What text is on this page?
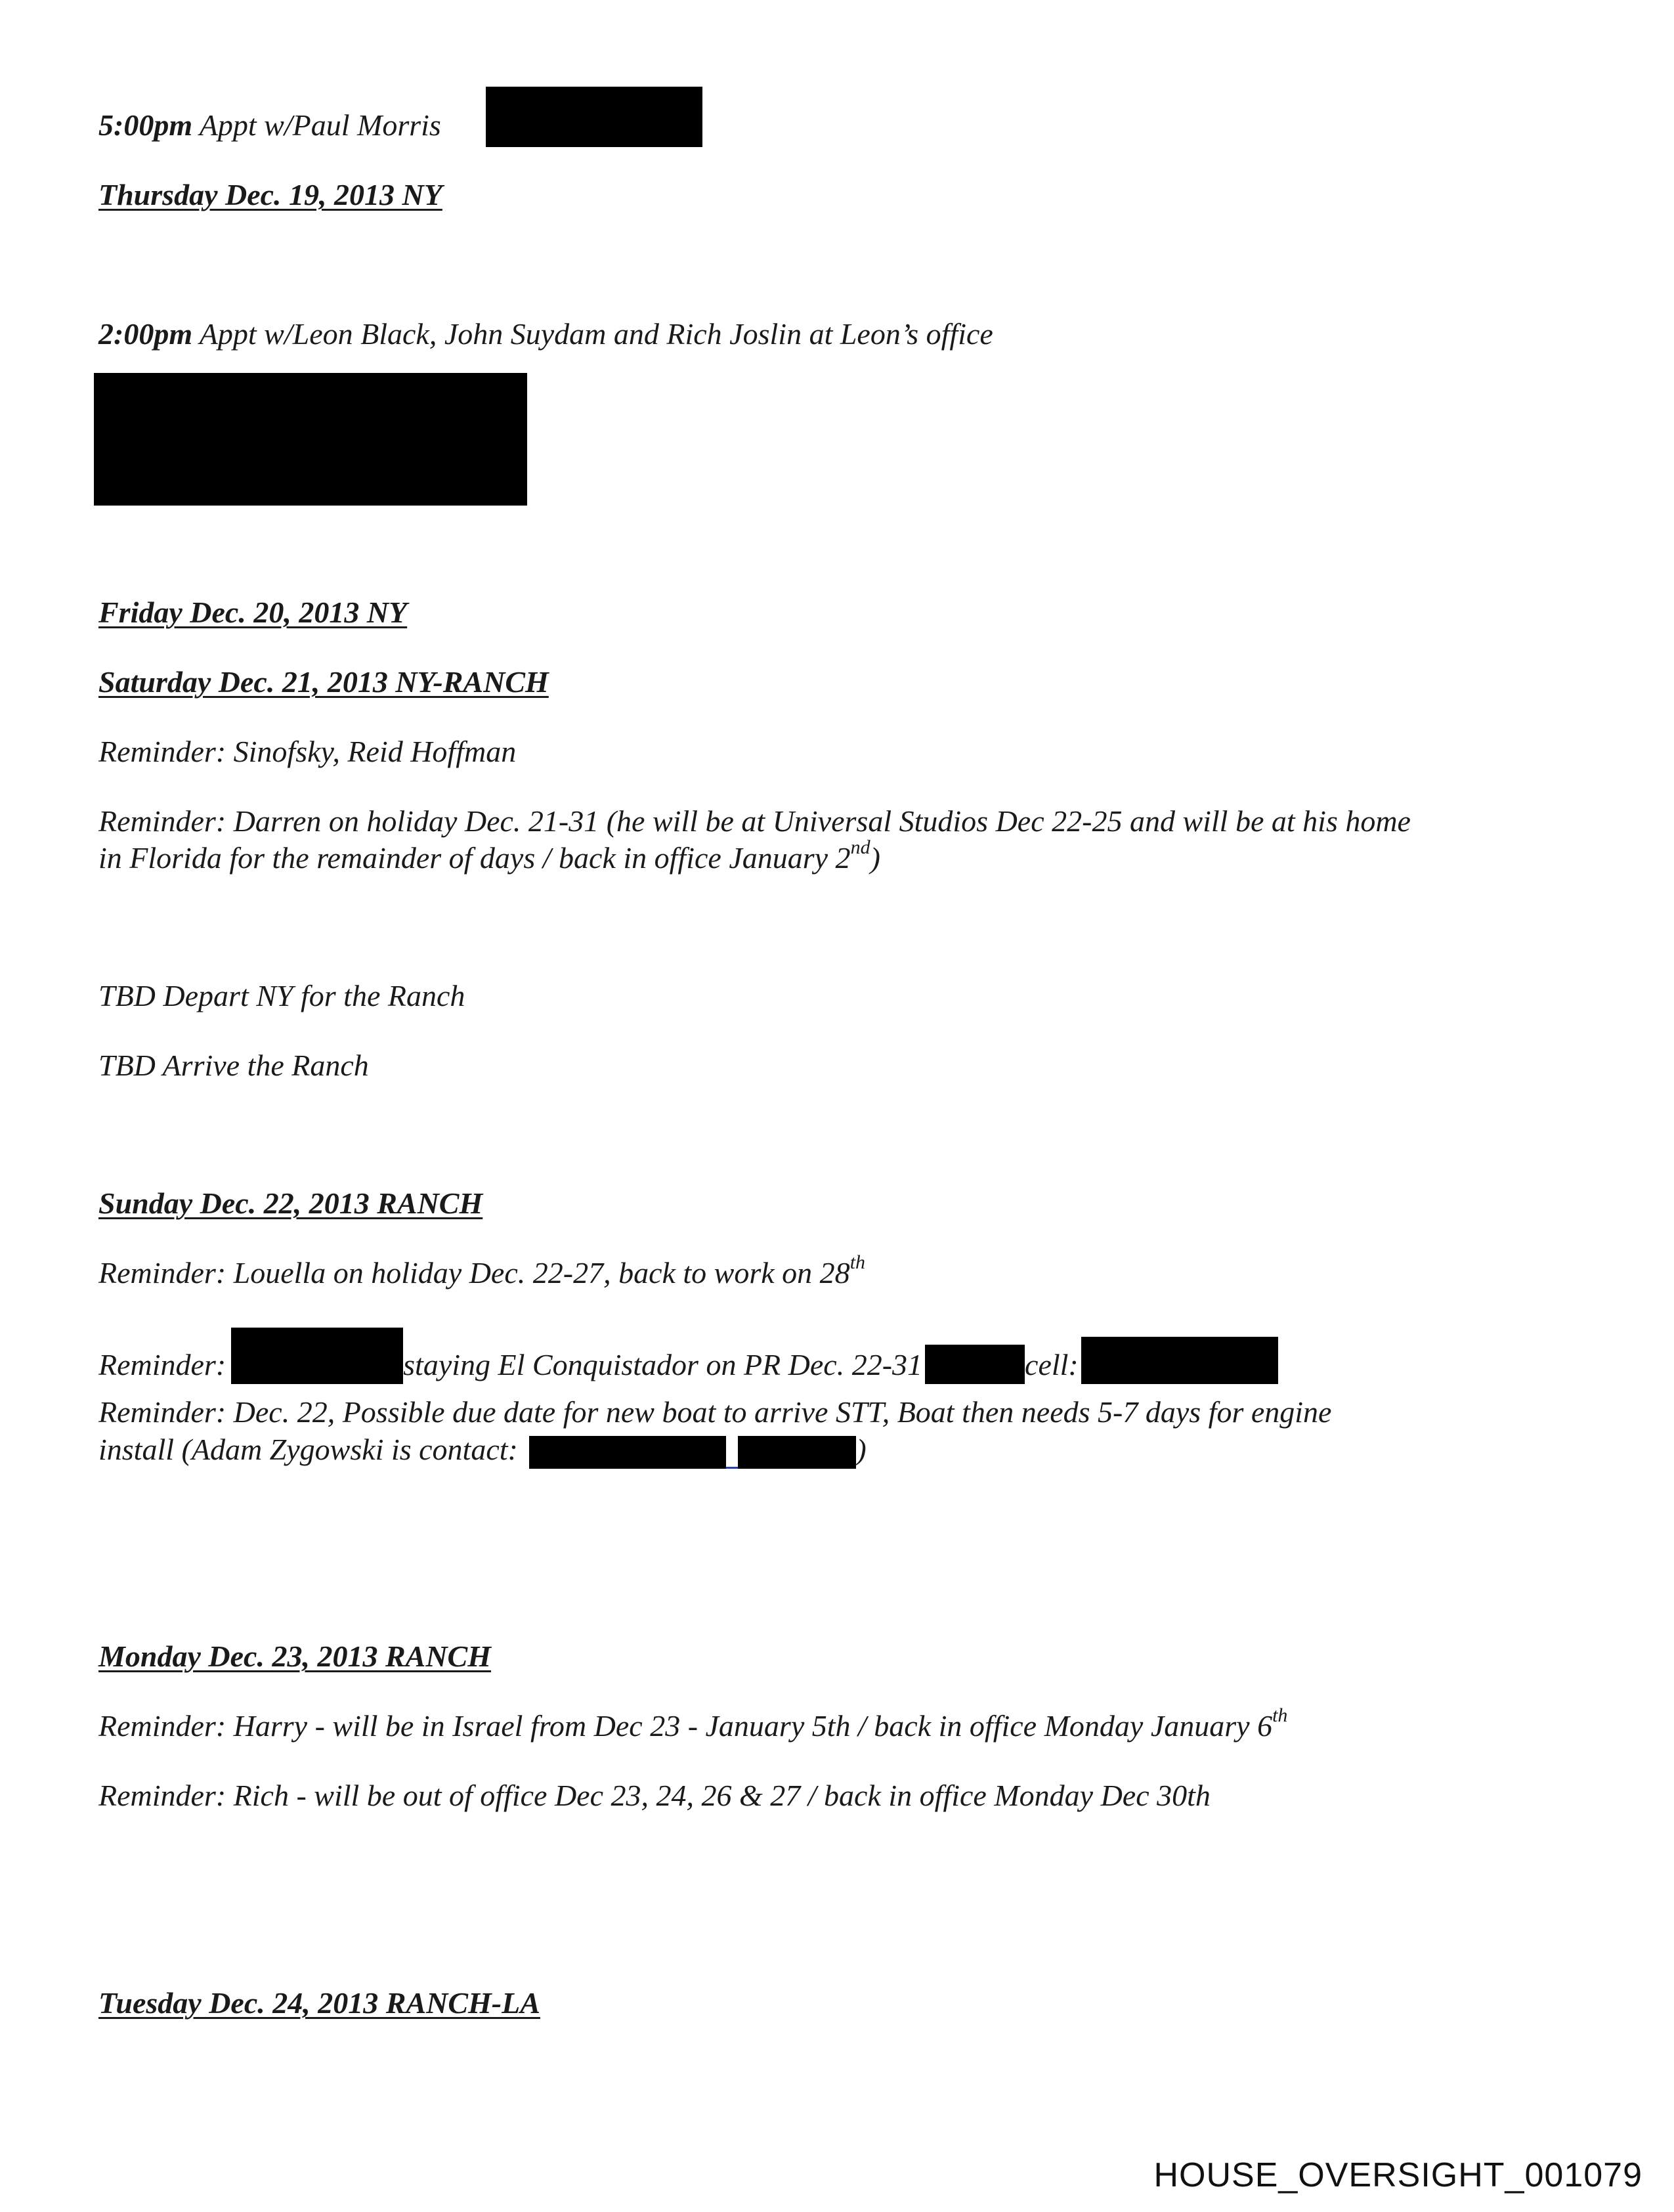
5:00pm Appt w/Paul Morris
Thursday Dec. 19, 2013 NY
2:00pm Appt w/Leon Black, John Suydam and Rich Joslin at Leon’s office
Friday Dec. 20, 2013 NY
Saturday Dec. 21, 2013 NY-RANCH
Reminder: Sinofsky, Reid Hoffman
Reminder: Darren on holiday Dec. 21-31 (he will be at Universal Studios Dec 22-25 and will be at his home
in Florida for the remainder of days / back in office January 2nd)
TBD Depart NY for the Ranch
TBD Arrive the Ranch
Sunday Dec. 22, 2013 RANCH
Reminder: Louella on holiday Dec. 22-27, back to work on 28th
Reminder:	staying El Conquistador on PR Dec. 22-31	cell:
Reminder: Dec. 22, Possible due date for new boat to arrive STT, Boat then needs 5-7 days for engine
install (Adam Zygowski is contact:	)
Monday Dec. 23, 2013 RANCH
Reminder: Harry - will be in Israel from Dec 23 - January 5th / back in office Monday January 6th
Reminder: Rich - will be out of office Dec 23, 24, 26 & 27 / back in office Monday Dec 30th
Tuesday Dec. 24, 2013 RANCH-LA
HOUSE_OVERSIGHT_001079
